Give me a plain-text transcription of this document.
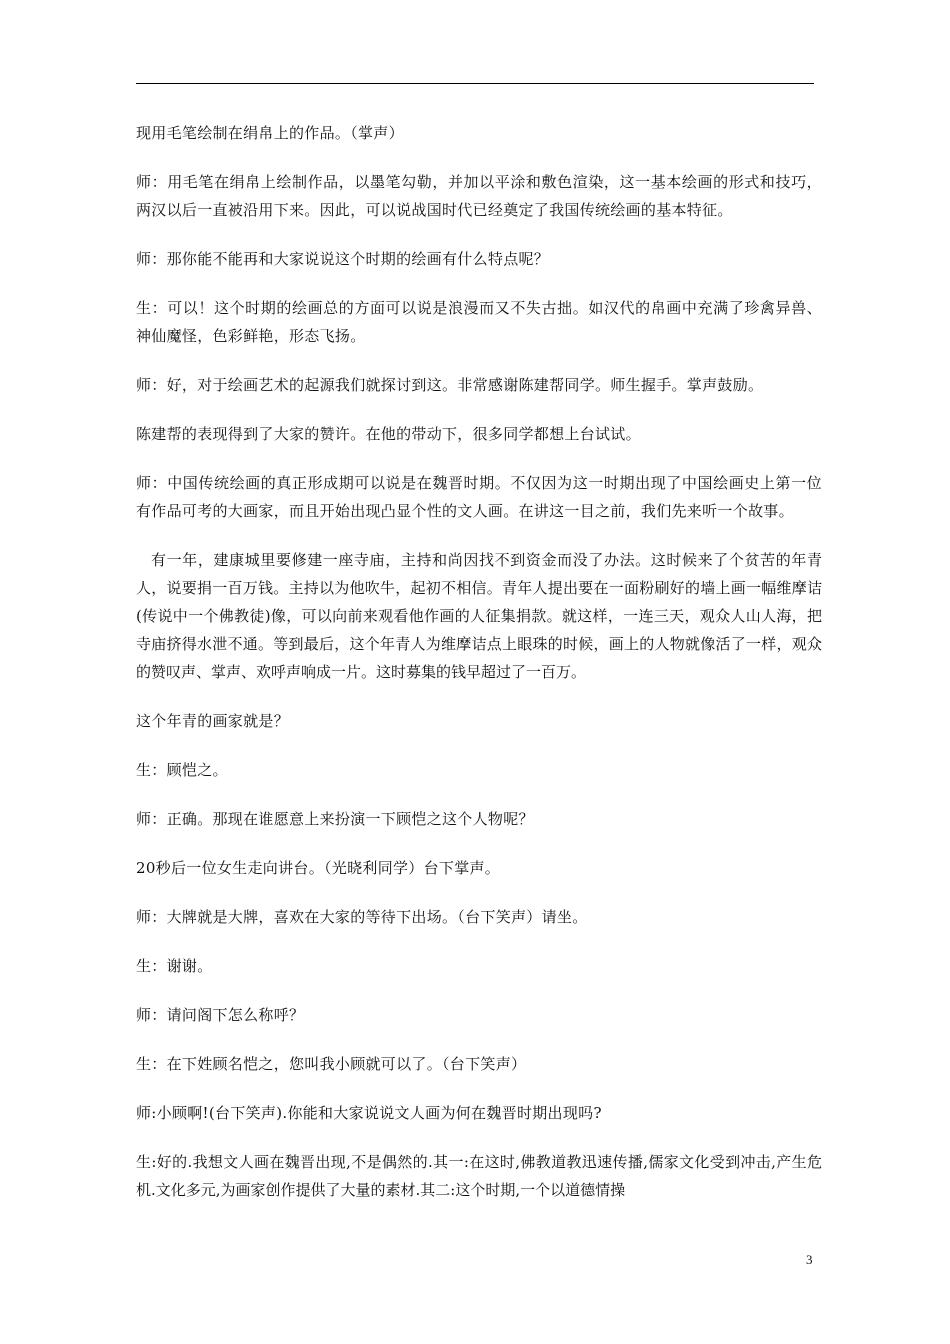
现用毛笔绘制在绢帛上的作品。（掌声）

师：用毛笔在绢帛上绘制作品，以墨笔勾勒，并加以平涂和敷色渲染，这一基本绘画的形式和技巧，两汉以后一直被沿用下来。因此，可以说战国时代已经奠定了我国传统绘画的基本特征。

师：那你能不能再和大家说说这个时期的绘画有什么特点呢？

生：可以！这个时期的绘画总的方面可以说是浪漫而又不失古拙。如汉代的帛画中充满了珍禽异兽、神仙魔怪，色彩鲜艳，形态飞扬。

师：好，对于绘画艺术的起源我们就探讨到这。非常感谢陈建帮同学。师生握手。掌声鼓励。

陈建帮的表现得到了大家的赞许。在他的带动下，很多同学都想上台试试。

师：中国传统绘画的真正形成期可以说是在魏晋时期。不仅因为这一时期出现了中国绘画史上第一位有作品可考的大画家，而且开始出现凸显个性的文人画。在讲这一目之前，我们先来听一个故事。

有一年，建康城里要修建一座寺庙，主持和尚因找不到资金而没了办法。这时候来了个贫苦的年青人，说要捐一百万钱。主持以为他吹牛，起初不相信。青年人提出要在一面粉刷好的墙上画一幅维摩诘(传说中一个佛教徒)像，可以向前来观看他作画的人征集捐款。就这样，一连三天，观众人山人海，把寺庙挤得水泄不通。等到最后，这个年青人为维摩诘点上眼珠的时候，画上的人物就像活了一样，观众的赞叹声、掌声、欢呼声响成一片。这时募集的钱早超过了一百万。

这个年青的画家就是？

生：顾恺之。

师：正确。那现在谁愿意上来扮演一下顾恺之这个人物呢？

20秒后一位女生走向讲台。（光晓利同学）台下掌声。

师：大牌就是大牌，喜欢在大家的等待下出场。（台下笑声）请坐。

生：谢谢。

师：请问阁下怎么称呼？

生：在下姓顾名恺之，您叫我小顾就可以了。（台下笑声）

师:小顾啊!(台下笑声).你能和大家说说文人画为何在魏晋时期出现吗?

生:好的.我想文人画在魏晋出现,不是偶然的.其一:在这时,佛教道教迅速传播,儒家文化受到冲击,产生危机.文化多元,为画家创作提供了大量的素材.其二:这个时期,一个以道德情操

3
